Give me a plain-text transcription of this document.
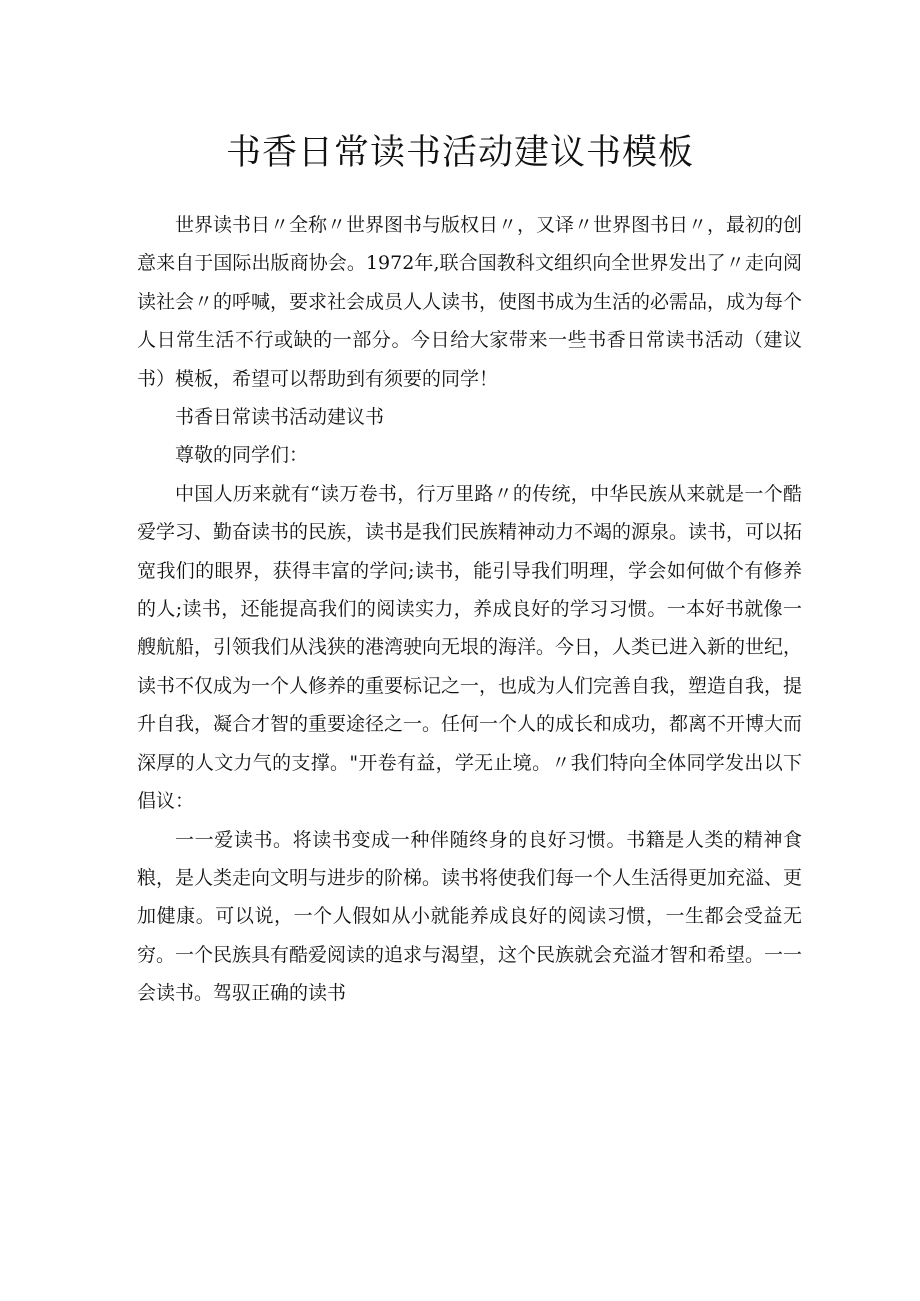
书香日常读书活动建议书模板

世界读书日〃全称〃世界图书与版权日〃，又译〃世界图书日〃，最初的创意来自于国际出版商协会。1972年,联合国教科文组织向全世界发出了〃走向阅读社会〃的呼喊，要求社会成员人人读书，使图书成为生活的必需品，成为每个人日常生活不行或缺的一部分。今日给大家带来一些书香日常读书活动（建议书）模板，希望可以帮助到有须要的同学！

书香日常读书活动建议书

尊敬的同学们：

中国人历来就有“读万卷书，行万里路〃的传统，中华民族从来就是一个酷爱学习、勤奋读书的民族，读书是我们民族精神动力不竭的源泉。读书，可以拓宽我们的眼界，获得丰富的学问;读书，能引导我们明理，学会如何做个有修养的人;读书，还能提高我们的阅读实力，养成良好的学习习惯。一本好书就像一艘航船，引领我们从浅狭的港湾驶向无垠的海洋。今日，人类已进入新的世纪，读书不仅成为一个人修养的重要标记之一，也成为人们完善自我，塑造自我，提升自我，凝合才智的重要途径之一。任何一个人的成长和成功，都离不开博大而深厚的人文力气的支撑。"开卷有益，学无止境。〃我们特向全体同学发出以下倡议：

一一爱读书。将读书变成一种伴随终身的良好习惯。书籍是人类的精神食粮，是人类走向文明与进步的阶梯。读书将使我们每一个人生活得更加充溢、更加健康。可以说，一个人假如从小就能养成良好的阅读习惯，一生都会受益无穷。一个民族具有酷爱阅读的追求与渴望，这个民族就会充溢才智和希望。一一会读书。驾驭正确的读书
